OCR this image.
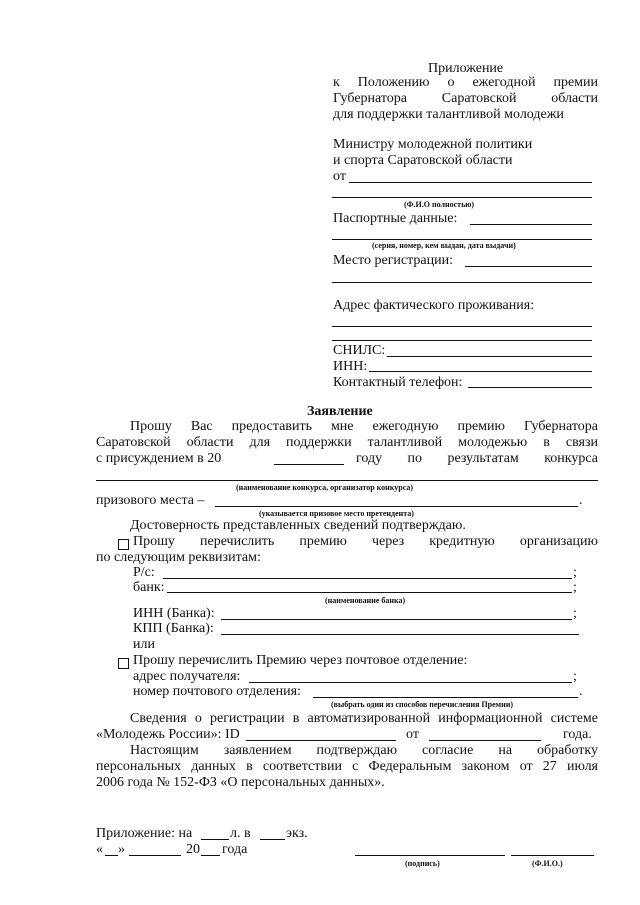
Приложение
к Положению о ежегодной премии
Губернатора Саратовской области
для поддержки талантливой молодежи
Министру молодежной политики
и спорта Саратовской области
от
(Ф.И.О полностью)
Паспортные данные:
(серия, номер, кем выдан, дата выдачи)
Место регистрации:
Адрес фактического проживания:
СНИЛС:
ИНН:
Контактный телефон:
Заявление
Прошу Вас предоставить мне ежегодную премию Губернатора
Саратовской области для поддержки талантливой молодежью в связи
с присуждением в 20	году по результатам конкурса
(наименование конкурса, организатор конкурса)
призового места –	.
(указывается призовое место претендента)
Достоверность представленных сведений подтверждаю.
Прошу перечислить премию через кредитную организацию
по следующим реквизитам:
Р/с:	;
банк:	;
(наименование банка)
ИНН (Банка):	;
КПП (Банка):
или
Прошу перечислить Премию через почтовое отделение:
адрес получателя:	;
номер почтового отделения:	.
(выбрать один из способов перечисления Премии)
Сведения о регистрации в автоматизированной информационной системе
«Молодежь России»: ID	от	года.
Настоящим заявлением подтверждаю согласие на обработку
персональных данных в соответствии с Федеральным законом от 27 июля
2006 года № 152-ФЗ «О персональных данных».
Приложение: на	л. в	экз.
« »	20 года
(подпись)	(Ф.И.О.)
